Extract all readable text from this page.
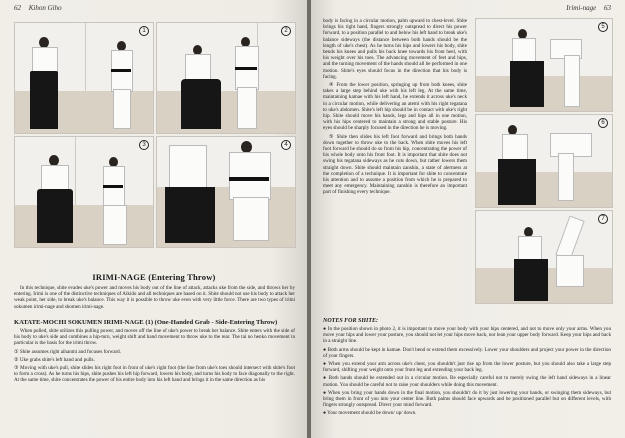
62 Kihon Giho
1	2
3	4
IRIMI-NAGE (Entering Throw)

In this technique, shite evades uke's power and moves his body out of the line of attack, attacks uke from the side, and throws her by entering. Irimi is one of the distinctive techniques of Aikido and all techniques are based on it. Shite should not use his body to attack her weak point, her side, to break uke's balance. This way it is possible to throw uke even with very little force. There are two types of irimi sokumen irimi-nage and shomen irimi-nage.

KATATE-MOCHI SOKUMEN IRIMI-NAGE (1) (One-Handed Grab - Side-Entering Throw)

When pulled, shite utilizes this pulling power, and moves off the line of uke's power to break her balance. Shite enters with the side of his body to uke's side and combines a hip-turn, weight shift and hand movement to throw uke to the rear. The tai no henko movement in particular is the basis for the irimi throw.

① Shite assumes right aihanmi and focuses forward.

② Uke grabs shite's left hand and pulls.

③ Moving with uke's pull, shite slides his right foot in front of uke's right foot (the line from uke's toes should intersect with shite's foot to form a cross). As he turns his hips, shite pushes his left hip forward, lowers his body, and turns his body to face diagonally to the right. At the same time, shite concentrates the power of his entire body into his left hand and brings it in the same direction as his

Irimi-nage 63

body is facing in a circular motion, palm upward to chest-level. Shite brings his right hand, fingers strongly outspread to direct his power forward, to a position parallel to and below his left hand to break uke's balance sideways (the distance between both hands should be the length of uke's chest). As he turns his hips and lowers his body, shite bends his knees and pulls his back knee towards his front heel, with his weight over his toes. The advancing movement of feet and hips, and the turning movement of the hands should all be performed in one motion. Shite's eyes should focus in the direction that his body is facing.

④ From the lower position, springing up from both knees, shite takes a large step behind uke with his left leg. At the same time, maintaining kamae with his left hand, he extends it across uke's neck in a circular motion, while delivering an atemi with his right tegatana to uke's abdomen. Shite's left hip should be in contact with uke's right hip. Shite should move his hands, legs and hips all in one motion, with his hips centered to maintain a strong and stable posture. His eyes should be sharply focused in the direction he is moving.

⑤ Shite then slides his left foot forward and brings both hands down together to throw uke to the back. When shite moves his left foot forward he should do so from his hip, concentrating the power of his whole body onto his front foot. It is important that shite does not swing his tegatana sideways as he cuts down, but rather lowers them straight down. Shite should maintain zanshin, a state of alertness at the completion of a technique. It is important for shite to concentrate his attention and to assume a position from which he is prepared to meet any emergency. Maintaining zanshin is therefore an important part of finishing every technique.

5
6
7
NOTES FOR SHITE:

● In the position shown in photo 2, it is important to move your body with your hips centered, and not to move only your arms. When you move your hips and lower your posture, you should not let your hips move back, nor lean your upper body forward. Keep your hips and back in a straight line.

● Both arms should be kept in kamae. Don't bend or extend them excessively. Lower your shoulders and project your power in the direction of your fingers.

● When you extend your arm across uke's chest, you shouldn't just rise up from the lower posture, but you should also take a large step forward, shifting your weight onto your front leg and extending your back leg.

● Both hands should be extended out in a circular motion. Be especially careful not to merely swing the left hand sideways in a linear motion. You should be careful not to raise your shoulders while doing this movement.

● When you bring your hands down in the final motion, you shouldn't do it by just lowering your hands, or swinging them sideways, but bring them in front of you into your center line. Both palms should face upwards and be positioned parallel but on different levels, with fingers strongly outspread. Direct your mind forward.

● Your movement should be down/ up/ down.
